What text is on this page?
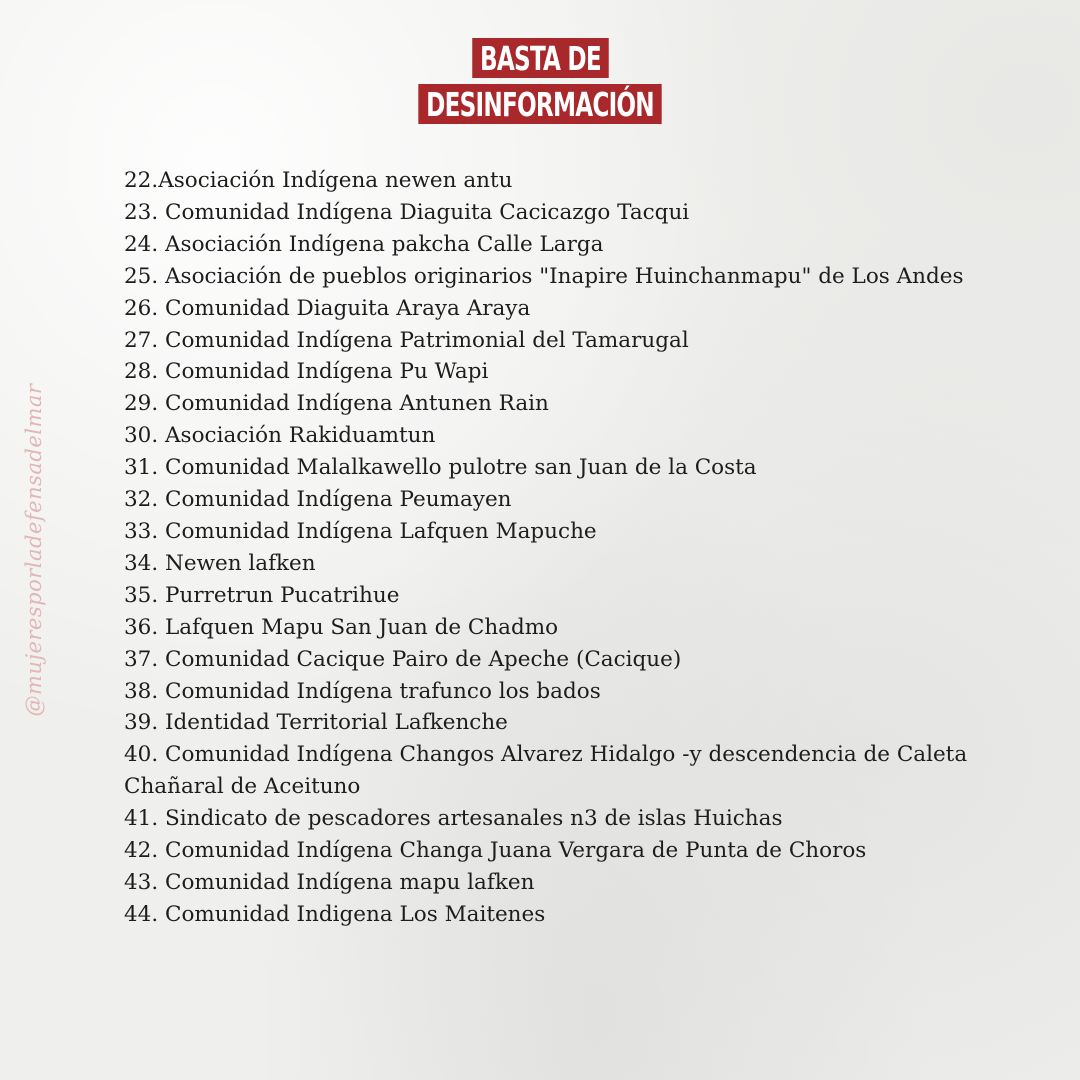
BASTA DE
DESINFORMACIÓN
@mujeresporladefensadelmar
22.Asociación Indígena newen antu
23. Comunidad Indígena Diaguita Cacicazgo Tacqui
24. Asociación Indígena pakcha Calle Larga
25. Asociación de pueblos originarios "Inapire Huinchanmapu" de Los Andes
26. Comunidad Diaguita Araya Araya
27. Comunidad Indígena Patrimonial del Tamarugal
28. Comunidad Indígena Pu Wapi
29. Comunidad Indígena Antunen Rain
30. Asociación Rakiduamtun
31. Comunidad Malalkawello pulotre san Juan de la Costa
32. Comunidad Indígena Peumayen
33. Comunidad Indígena Lafquen Mapuche
34. Newen lafken
35. Purretrun Pucatrihue
36. Lafquen Mapu San Juan de Chadmo
37. Comunidad Cacique Pairo de Apeche (Cacique)
38. Comunidad Indígena trafunco los bados
39. Identidad Territorial Lafkenche
40. Comunidad Indígena Changos Alvarez Hidalgo -y descendencia de Caleta Chañaral de Aceituno
41. Sindicato de pescadores artesanales n3 de islas Huichas
42. Comunidad Indígena Changa Juana Vergara de Punta de Choros
43. Comunidad Indígena mapu lafken
44. Comunidad Indigena Los Maitenes
